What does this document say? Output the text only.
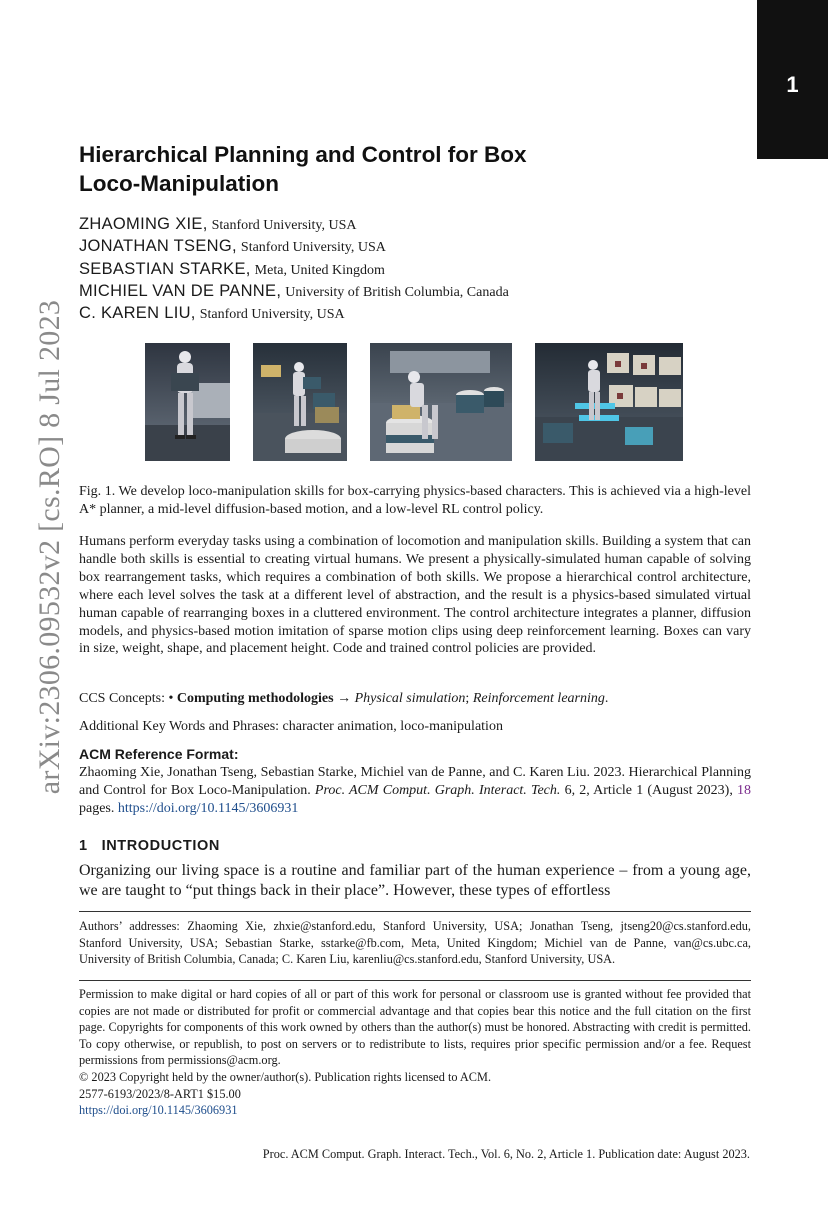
1
arXiv:2306.09532v2 [cs.RO] 8 Jul 2023
Hierarchical Planning and Control for Box
Loco-Manipulation
ZHAOMING XIE, Stanford University, USA
JONATHAN TSENG, Stanford University, USA
SEBASTIAN STARKE, Meta, United Kingdom
MICHIEL VAN DE PANNE, University of British Columbia, Canada
C. KAREN LIU, Stanford University, USA
Fig. 1. We develop loco-manipulation skills for box-carrying physics-based characters. This is achieved via a high-level A* planner, a mid-level diffusion-based motion, and a low-level RL control policy.
Humans perform everyday tasks using a combination of locomotion and manipulation skills. Building a system that can handle both skills is essential to creating virtual humans. We present a physically-simulated human capable of solving box rearrangement tasks, which requires a combination of both skills. We propose a hierarchical control architecture, where each level solves the task at a different level of abstraction, and the result is a physics-based simulated virtual human capable of rearranging boxes in a cluttered environment. The control architecture integrates a planner, diffusion models, and physics-based motion imitation of sparse motion clips using deep reinforcement learning. Boxes can vary in size, weight, shape, and placement height. Code and trained control policies are provided.
CCS Concepts: • Computing methodologies → Physical simulation; Reinforcement learning.
Additional Key Words and Phrases: character animation, loco-manipulation
ACM Reference Format:
Zhaoming Xie, Jonathan Tseng, Sebastian Starke, Michiel van de Panne, and C. Karen Liu. 2023. Hierarchical Planning and Control for Box Loco-Manipulation. Proc. ACM Comput. Graph. Interact. Tech. 6, 2, Article 1 (August 2023), 18 pages. https://doi.org/10.1145/3606931
1 INTRODUCTION
Organizing our living space is a routine and familiar part of the human experience – from a young age, we are taught to “put things back in their place”. However, these types of effortless
Authors’ addresses: Zhaoming Xie, zhxie@stanford.edu, Stanford University, USA; Jonathan Tseng, jtseng20@cs.stanford.edu, Stanford University, USA; Sebastian Starke, sstarke@fb.com, Meta, United Kingdom; Michiel van de Panne, van@cs.ubc.ca, University of British Columbia, Canada; C. Karen Liu, karenliu@cs.stanford.edu, Stanford University, USA.
Permission to make digital or hard copies of all or part of this work for personal or classroom use is granted without fee provided that copies are not made or distributed for profit or commercial advantage and that copies bear this notice and the full citation on the first page. Copyrights for components of this work owned by others than the author(s) must be honored. Abstracting with credit is permitted. To copy otherwise, or republish, to post on servers or to redistribute to lists, requires prior specific permission and/or a fee. Request permissions from permissions@acm.org.
© 2023 Copyright held by the owner/author(s). Publication rights licensed to ACM.
2577-6193/2023/8-ART1 $15.00
https://doi.org/10.1145/3606931
Proc. ACM Comput. Graph. Interact. Tech., Vol. 6, No. 2, Article 1. Publication date: August 2023.
